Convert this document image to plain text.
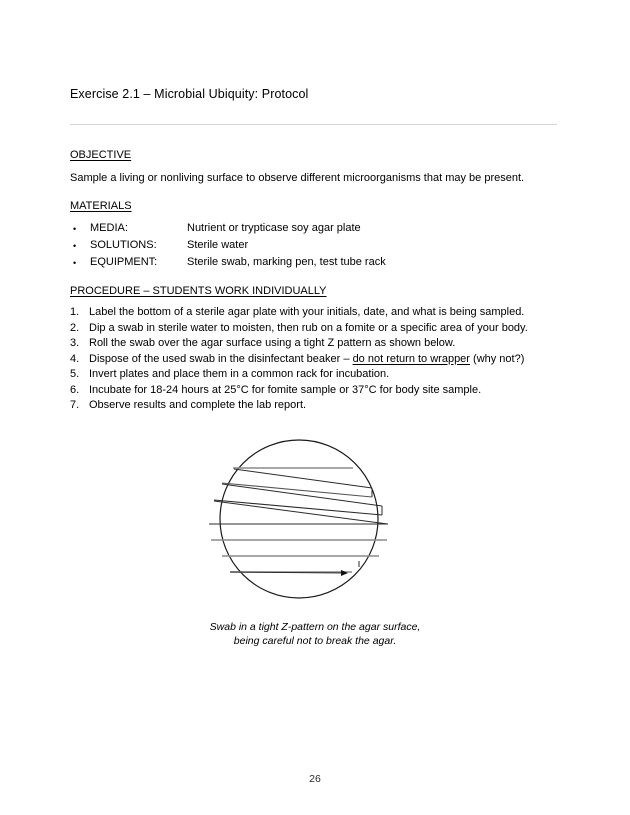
Exercise 2.1 – Microbial Ubiquity: Protocol
OBJECTIVE
Sample a living or nonliving surface to observe different microorganisms that may be present.
MATERIALS
• MEDIA:	Nutrient or trypticase soy agar plate
• SOLUTIONS:	Sterile water
• EQUIPMENT:	Sterile swab, marking pen, test tube rack
PROCEDURE – STUDENTS WORK INDIVIDUALLY
1. Label the bottom of a sterile agar plate with your initials, date, and what is being sampled.
2. Dip a swab in sterile water to moisten, then rub on a fomite or a specific area of your body.
3. Roll the swab over the agar surface using a tight Z pattern as shown below.
4. Dispose of the used swab in the disinfectant beaker – do not return to wrapper (why not?)
5. Invert plates and place them in a common rack for incubation.
6. Incubate for 18-24 hours at 25°C for fomite sample or 37°C for body site sample.
7. Observe results and complete the lab report.
Swab in a tight Z-pattern on the agar surface,
being careful not to break the agar.
26
